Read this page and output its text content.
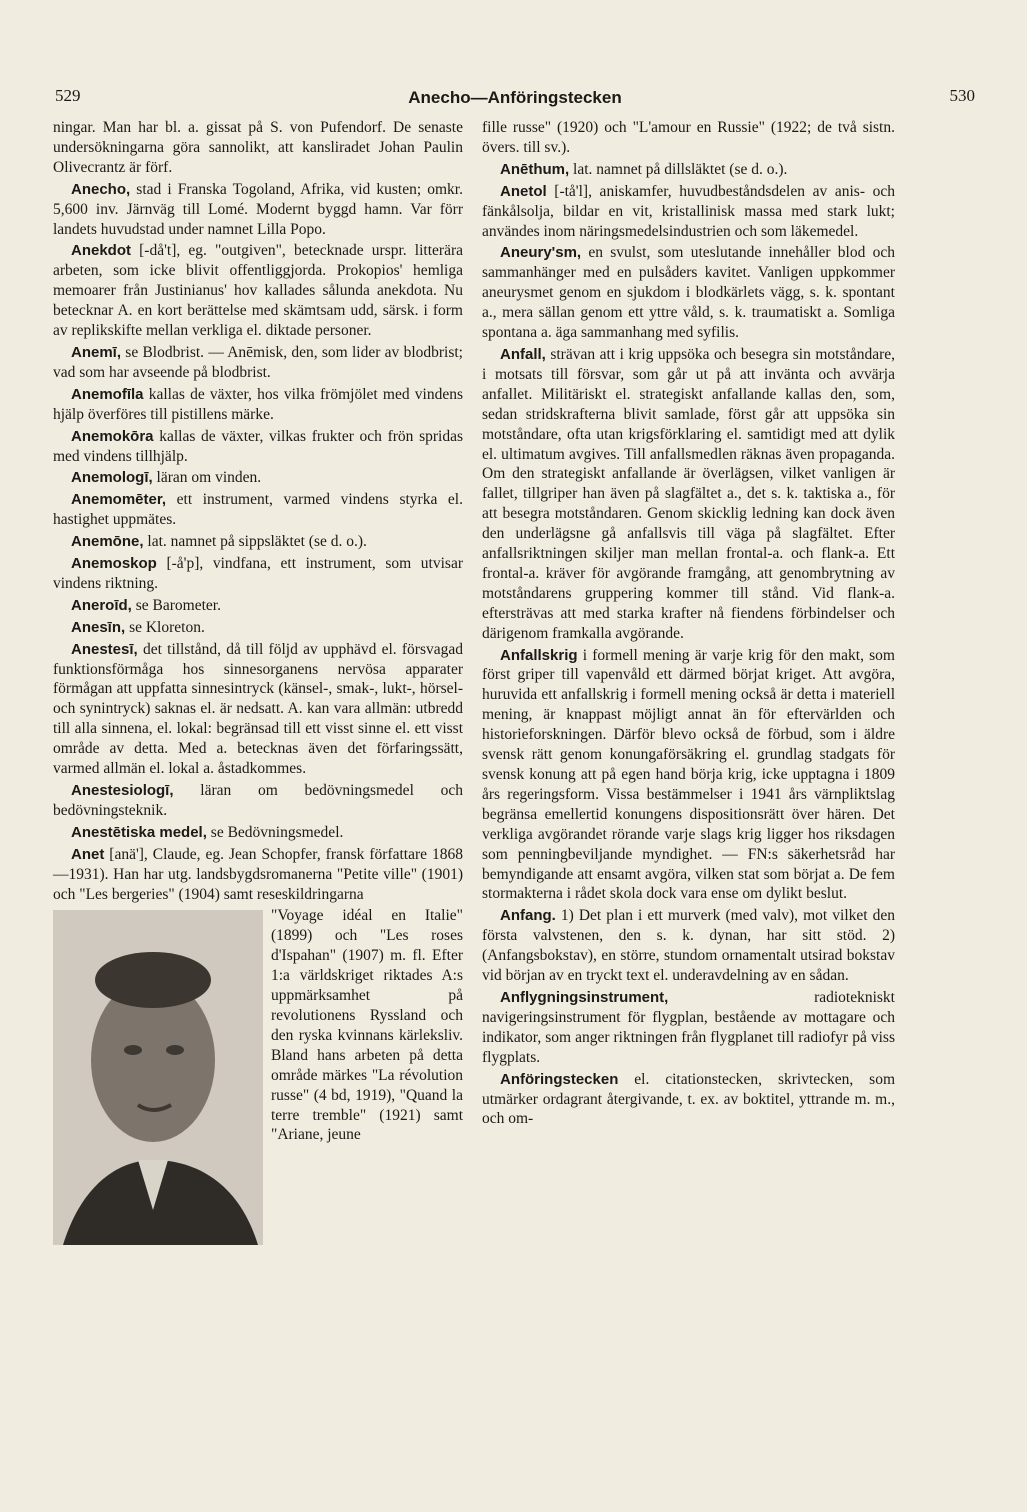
529	Anecho—Anföringstecken	530

ningar. Man har bl. a. gissat på S. von Pufendorf. De senaste undersökningarna göra sannolikt, att kansliradet Johan Paulin Olivecrantz är förf.

Anecho, stad i Franska Togoland, Afrika, vid kusten; omkr. 5,600 inv. Järnväg till Lomé. Modernt byggd hamn. Var förr landets huvudstad under namnet Lilla Popo.

Anekdot [-då't], eg. "outgiven", betecknade urspr. litterära arbeten, som icke blivit offentliggjorda. Prokopios' hemliga memoarer från Justinianus' hov kallades sålunda anekdota. Nu betecknar A. en kort berättelse med skämtsam udd, särsk. i form av replikskifte mellan verkliga el. diktade personer.

Anemī, se Blodbrist. — Anēmisk, den, som lider av blodbrist; vad som har avseende på blodbrist.

Anemofīla kallas de växter, hos vilka frömjölet med vindens hjälp överföres till pistillens märke.

Anemokōra kallas de växter, vilkas frukter och frön spridas med vindens tillhjälp.

Anemologī, läran om vinden.

Anemomēter, ett instrument, varmed vindens styrka el. hastighet uppmätes.

Anemōne, lat. namnet på sippsläktet (se d. o.).

Anemoskop [-å'p], vindfana, ett instrument, som utvisar vindens riktning.

Aneroīd, se Barometer.

Anesīn, se Kloreton.

Anestesī, det tillstånd, då till följd av upphävd el. försvagad funktionsförmåga hos sinnesorganens nervösa apparater förmågan att uppfatta sinnesintryck (känsel-, smak-, lukt-, hörsel- och synintryck) saknas el. är nedsatt. A. kan vara allmän: utbredd till alla sinnena, el. lokal: begränsad till ett visst sinne el. ett visst område av detta. Med a. betecknas även det förfaringssätt, varmed allmän el. lokal a. åstadkommes.

Anestesiologī, läran om bedövningsmedel och bedövningsteknik.

Anestētiska medel, se Bedövningsmedel.

Anet [anä'], Claude, eg. Jean Schopfer, fransk författare 1868—1931). Han har utg. landsbygdsromanerna "Petite ville" (1901) och "Les bergeries" (1904) samt reseskildringarna

"Voyage idéal en Italie" (1899) och "Les roses d'Ispahan" (1907) m. fl. Efter 1:a världskriget riktades A:s uppmärksamhet på revolutionens Ryssland och den ryska kvinnans kärleksliv. Bland hans arbeten på detta område märkes "La révolution russe" (4 bd, 1919), "Quand la terre tremble" (1921) samt "Ariane, jeune

fille russe" (1920) och "L'amour en Russie" (1922; de två sistn. övers. till sv.).

Anēthum, lat. namnet på dillsläktet (se d. o.).

Anetol [-tå'l], aniskamfer, huvudbeståndsdelen av anis- och fänkålsolja, bildar en vit, kristallinisk massa med stark lukt; användes inom näringsmedelsindustrien och som läkemedel.

Aneury'sm, en svulst, som uteslutande innehåller blod och sammanhänger med en pulsåders kavitet. Vanligen uppkommer aneurysmet genom en sjukdom i blodkärlets vägg, s. k. spontant a., mera sällan genom ett yttre våld, s. k. traumatiskt a. Somliga spontana a. äga sammanhang med syfilis.

Anfall, strävan att i krig uppsöka och besegra sin motståndare, i motsats till försvar, som går ut på att invänta och avvärja anfallet. Militäriskt el. strategiskt anfallande kallas den, som, sedan stridskrafterna blivit samlade, först går att uppsöka sin motståndare, ofta utan krigsförklaring el. samtidigt med att dylik el. ultimatum avgives. Till anfallsmedlen räknas även propaganda. Om den strategiskt anfallande är överlägsen, vilket vanligen är fallet, tillgriper han även på slagfältet a., det s. k. taktiska a., för att besegra motståndaren. Genom skicklig ledning kan dock även den underlägsne gå anfallsvis till väga på slagfältet. Efter anfallsriktningen skiljer man mellan frontal-a. och flank-a. Ett frontal-a. kräver för avgörande framgång, att genombrytning av motståndarens gruppering kommer till stånd. Vid flank-a. eftersträvas att med starka krafter nå fiendens förbindelser och därigenom framkalla avgörande.

Anfallskrig i formell mening är varje krig för den makt, som först griper till vapenvåld ett därmed börjat kriget. Att avgöra, huruvida ett anfallskrig i formell mening också är detta i materiell mening, är knappast möjligt annat än för eftervärlden och historieforskningen. Därför blevo också de förbud, som i äldre svensk rätt genom konungaförsäkring el. grundlag stadgats för svensk konung att på egen hand börja krig, icke upptagna i 1809 års regeringsform. Vissa bestämmelser i 1941 års värnpliktslag begränsa emellertid konungens dispositionsrätt över hären. Det verkliga avgörandet rörande varje slags krig ligger hos riksdagen som penningbeviljande myndighet. — FN:s säkerhetsråd har bemyndigande att ensamt avgöra, vilken stat som börjat a. De fem stormakterna i rådet skola dock vara ense om dylikt beslut.

Anfang. 1) Det plan i ett murverk (med valv), mot vilket den första valvstenen, den s. k. dynan, har sitt stöd. 2) (Anfangsbokstav), en större, stundom ornamentalt utsirad bokstav vid början av en tryckt text el. underavdelning av en sådan.

Anflygningsinstrument, radiotekniskt navigeringsinstrument för flygplan, bestående av mottagare och indikator, som anger riktningen från flygplanet till radiofyr på viss flygplats.

Anföringstecken el. citationstecken, skrivtecken, som utmärker ordagrant återgivande, t. ex. av boktitel, yttrande m. m., och om-
